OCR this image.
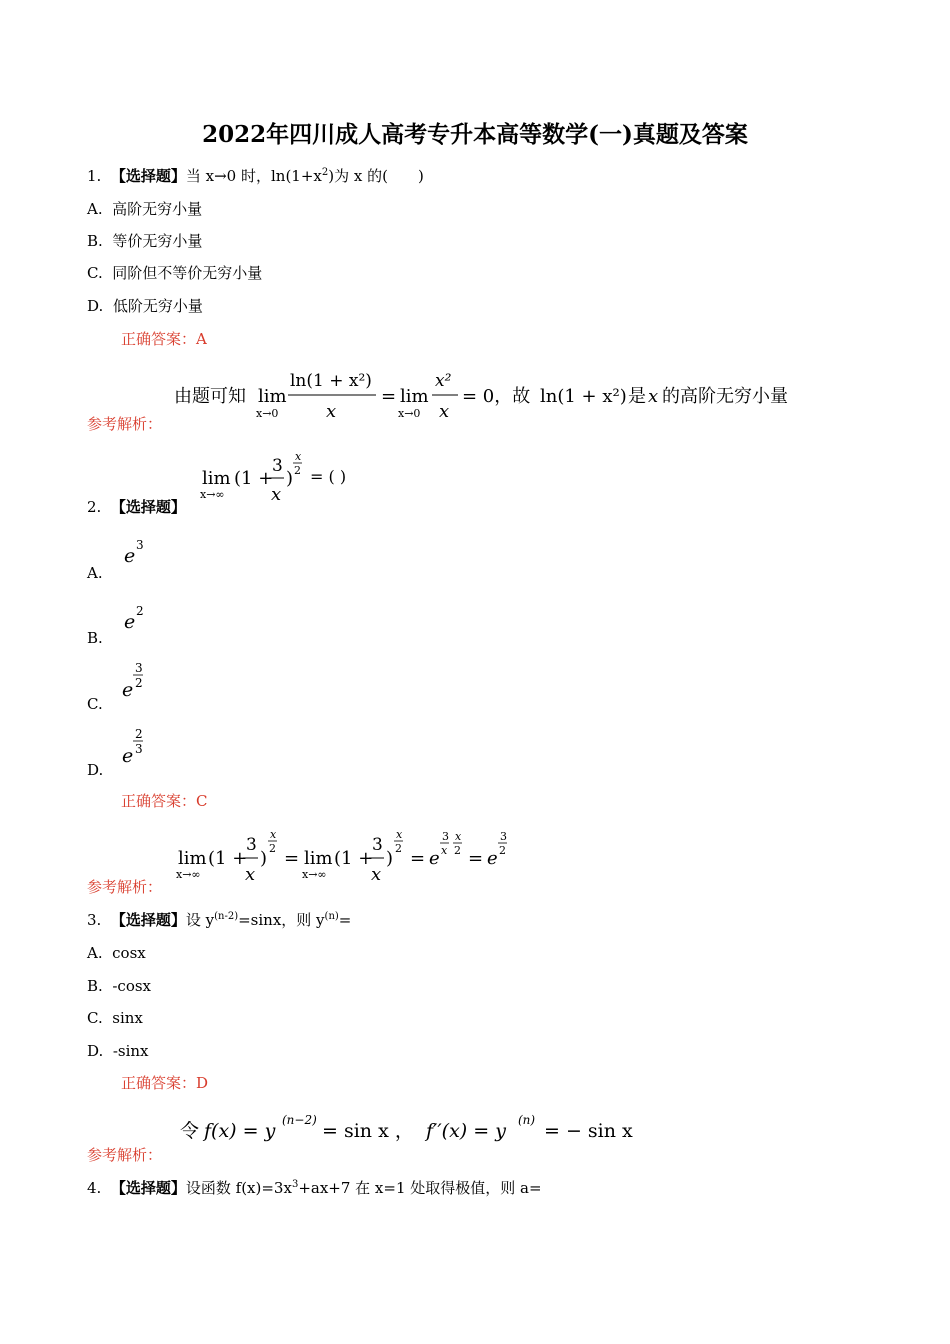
2022年四川成人高考专升本高等数学(一)真题及答案
1. 【选择题】当 x→0 时，$\ln(1+x^2)$为 x 的(　　)
A. 高阶无穷小量
B. 等价无穷小量
C. 同阶但不等价无穷小量
D. 低阶无穷小量
正确答案：A
由题可知 lim
x→0
ln(1 + x²)
x
= lim
x→0
x²
x
= 0，故 ln(1 + x²) 是 x 的高阶无穷小量
参考解析：
lim
x→∞
(1 +
3
x
)
x
2 = ( )
2. 【选择题】
e 3
A.
e 2
B.
e
3
2
C.
e
2
3
D.
正确答案：C
lim
x→∞
(1 +
3
x
)
x
2 = lim
x→∞
(1 +
3
x
)
x
2 = e
3
x
x
2 = e
3
2
参考解析：
3. 【选择题】设 $y^{(n-2)}=\sin x$，则 $y^{(n)}=$
A. cosx
B. -cosx
C. sinx
D. -sinx
正确答案：D
令 f(x) = y (n−2) = sin x ， f′′(x) = y (n) = − sin x
参考解析：
4. 【选择题】设函数 $f(x)=3x^3+ax+7$ 在 x=1 处取得极值，则 a=
